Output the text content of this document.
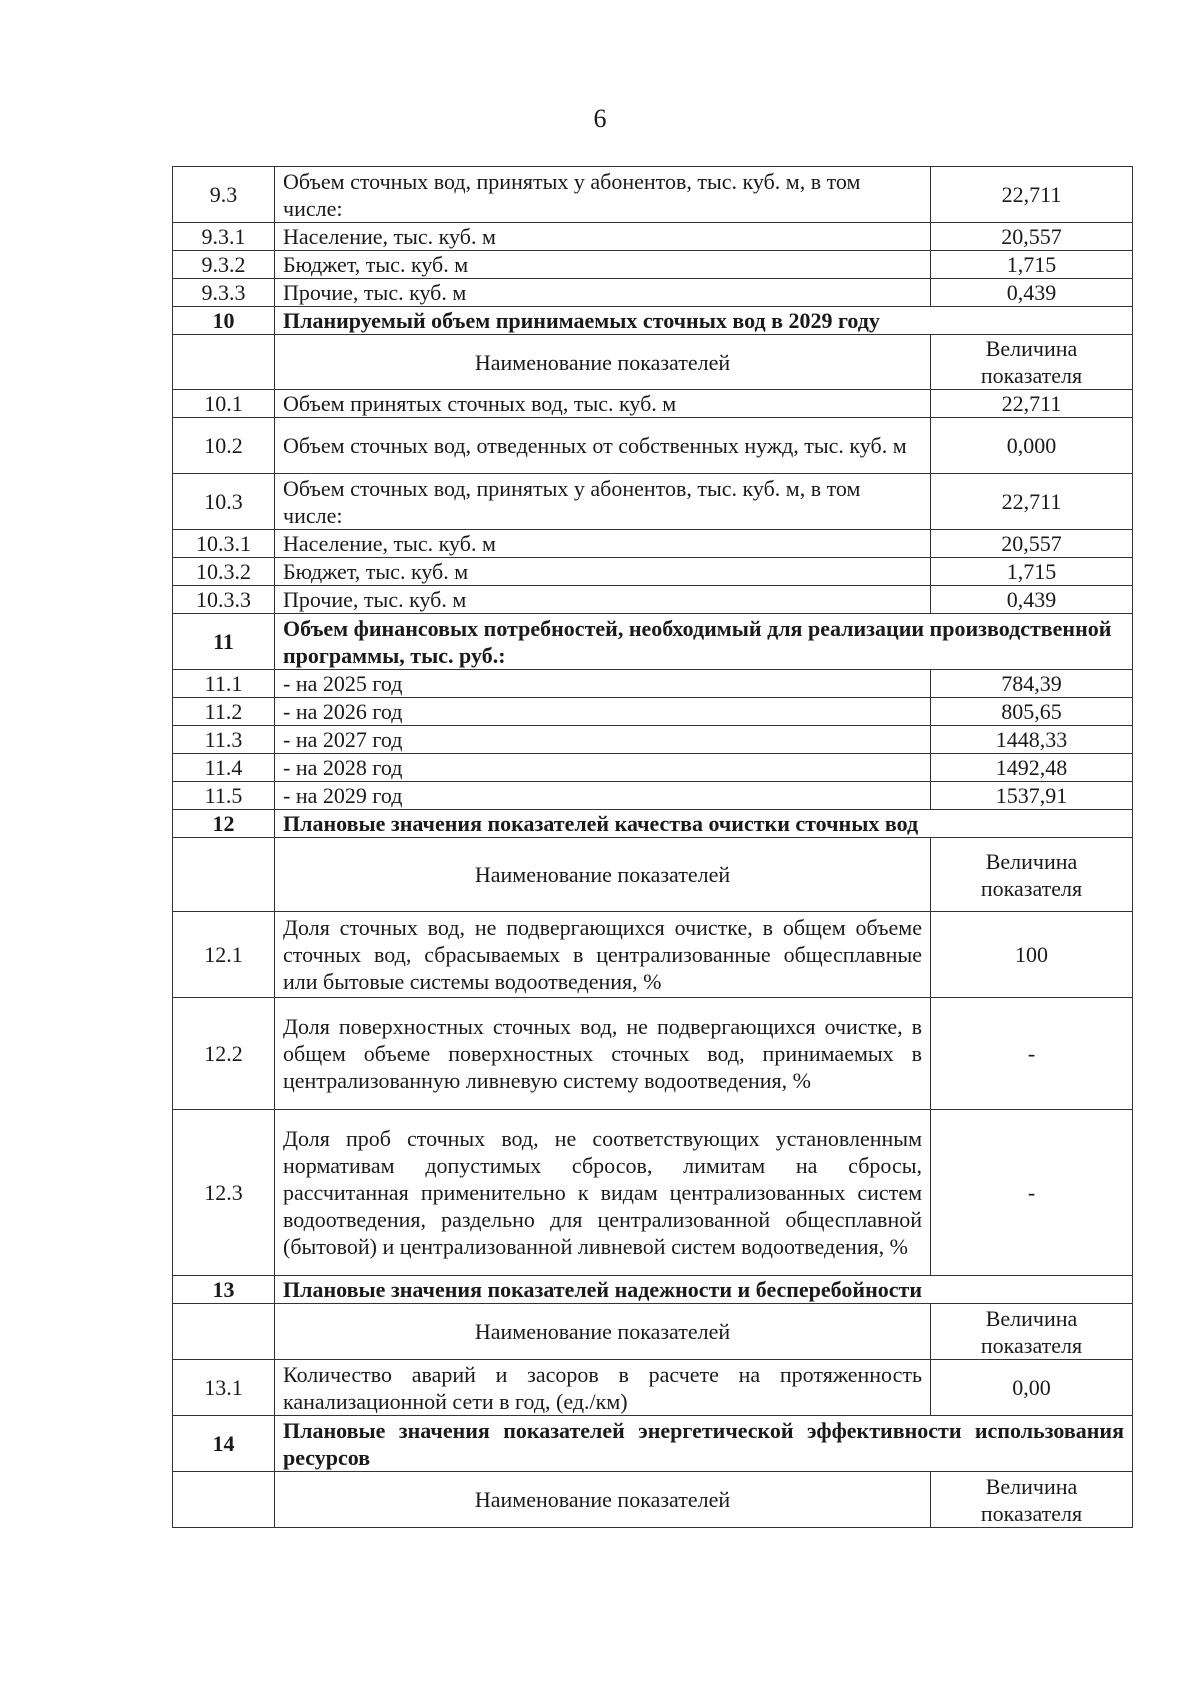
6
9.3	Объем сточных вод, принятых у абонентов, тыс. куб. м, в том числе:	22,711
9.3.1	Население, тыс. куб. м	20,557
9.3.2	Бюджет, тыс. куб. м	1,715
9.3.3	Прочие, тыс. куб. м	0,439
10	Планируемый объем принимаемых сточных вод в 2029 году	
	Наименование показателей	Величина показателя
10.1	Объем принятых сточных вод, тыс. куб. м	22,711
10.2	Объем сточных вод, отведенных от собственных нужд, тыс. куб. м	0,000
10.3	Объем сточных вод, принятых у абонентов, тыс. куб. м, в том числе:	22,711
10.3.1	Население, тыс. куб. м	20,557
10.3.2	Бюджет, тыс. куб. м	1,715
10.3.3	Прочие, тыс. куб. м	0,439
11	Объем финансовых потребностей, необходимый для реализации производственной программы, тыс. руб.:	
11.1	- на 2025 год	784,39
11.2	- на 2026 год	805,65
11.3	- на 2027 год	1448,33
11.4	- на 2028 год	1492,48
11.5	- на 2029 год	1537,91
12	Плановые значения показателей качества очистки сточных вод	
	Наименование показателей	Величина показателя
12.1	Доля сточных вод, не подвергающихся очистке, в общем объеме сточных вод, сбрасываемых в централизованные общесплавные или бытовые системы водоотведения, %	100
12.2	Доля поверхностных сточных вод, не подвергающихся очистке, в общем объеме поверхностных сточных вод, принимаемых в централизованную ливневую систему водоотведения, %	-
12.3	Доля проб сточных вод, не соответствующих установленным нормативам допустимых сбросов, лимитам на сбросы, рассчитанная применительно к видам централизованных систем водоотведения, раздельно для централизованной общесплавной (бытовой) и централизованной ливневой систем водоотведения, %	-
13	Плановые значения показателей надежности и бесперебойности	
	Наименование показателей	Величина показателя
13.1	Количество аварий и засоров в расчете на протяженность канализационной сети в год, (ед./км)	0,00
14	Плановые значения показателей энергетической эффективности использования ресурсов	
	Наименование показателей	Величина показателя
